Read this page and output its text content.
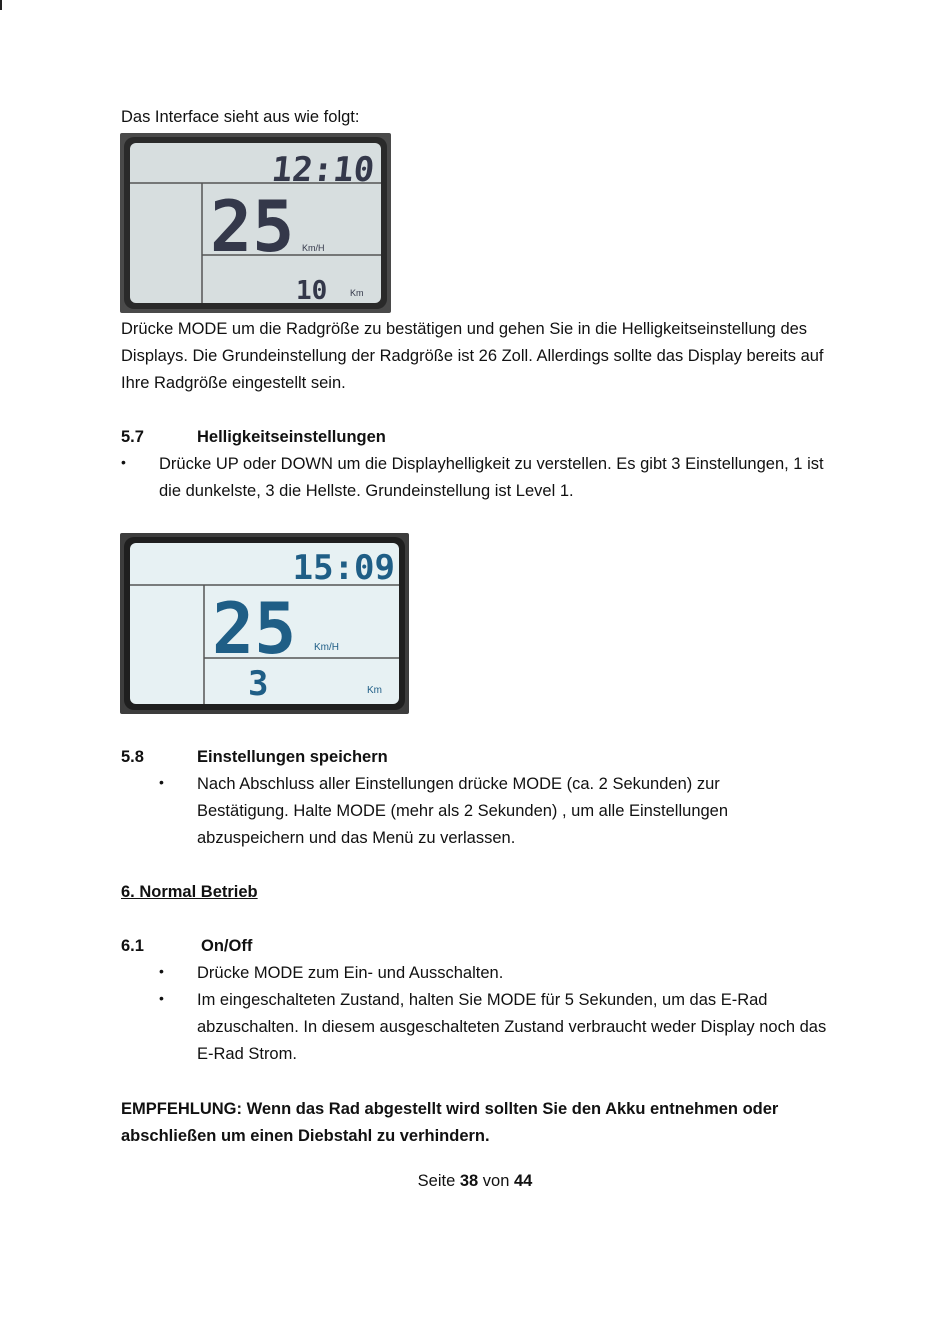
Das Interface sieht aus wie folgt:

12:10
25 Km/H
10	Km

Drücke MODE um die Radgröße zu bestätigen und gehen Sie in die Helligkeitseinstellung des Displays. Die Grundeinstellung der Radgröße ist 26 Zoll. Allerdings sollte das Display bereits auf Ihre Radgröße eingestellt sein.

5.7	Helligkeitseinstellungen
• Drücke UP oder DOWN um die Displayhelligkeit zu verstellen. Es gibt 3 Einstellungen, 1 ist die dunkelste, 3 die Hellste. Grundeinstellung ist Level 1.
15:09
25 Km/H
3	Km
5.8	Einstellungen speichern
• Nach Abschluss aller Einstellungen drücke MODE (ca. 2 Sekunden) zur Bestätigung. Halte MODE (mehr als 2 Sekunden) , um alle Einstellungen abzuspeichern und das Menü zu verlassen.
6. Normal Betrieb
6.1	On/Off
• Drücke MODE zum Ein- und Ausschalten.
• Im eingeschalteten Zustand, halten Sie MODE für 5 Sekunden, um das E-Rad abzuschalten. In diesem ausgeschalteten Zustand verbraucht weder Display noch das E-Rad Strom.

EMPFEHLUNG: Wenn das Rad abgestellt wird sollten Sie den Akku entnehmen oder abschließen um einen Diebstahl zu verhindern.

Seite 38 von 44
